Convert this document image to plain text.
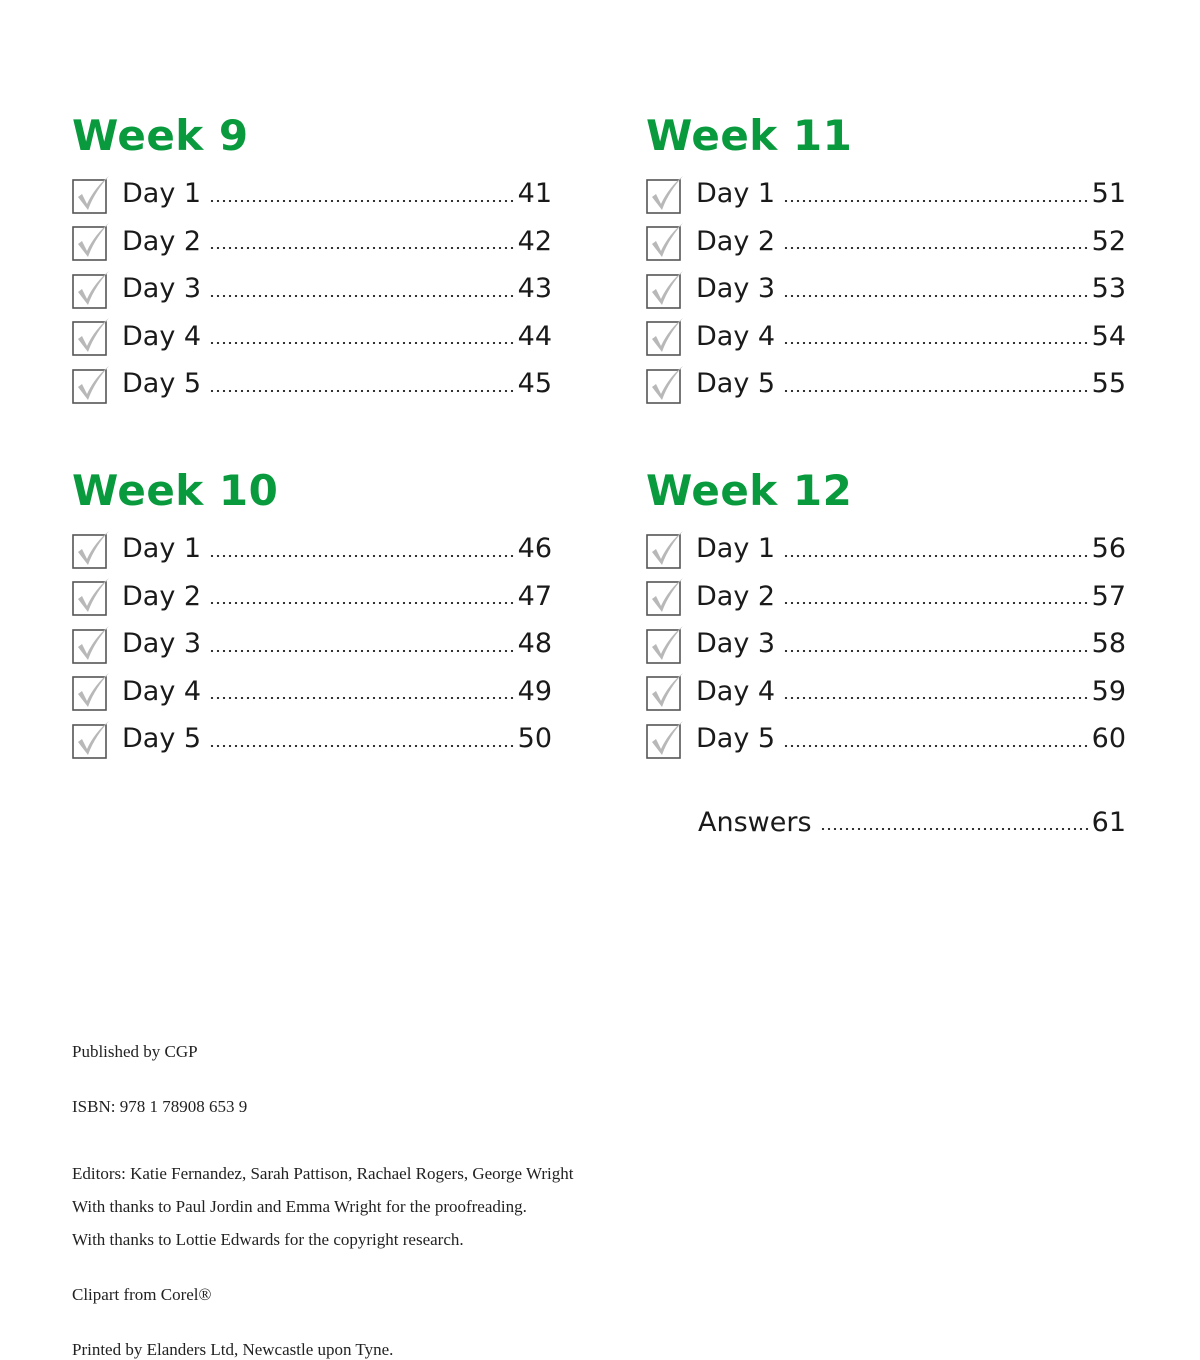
Week 9
Day 1	41
Day 2	42
Day 3	43
Day 4	44
Day 5	45
Week 11
Day 1	51
Day 2	52
Day 3	53
Day 4	54
Day 5	55
Week 10
Day 1	46
Day 2	47
Day 3	48
Day 4	49
Day 5	50
Week 12
Day 1	56
Day 2	57
Day 3	58
Day 4	59
Day 5	60
Answers	61
Published by CGP
ISBN: 978 1 78908 653 9
Editors: Katie Fernandez, Sarah Pattison, Rachael Rogers, George Wright
With thanks to Paul Jordin and Emma Wright for the proofreading.
With thanks to Lottie Edwards for the copyright research.
Clipart from Corel®
Printed by Elanders Ltd, Newcastle upon Tyne.
